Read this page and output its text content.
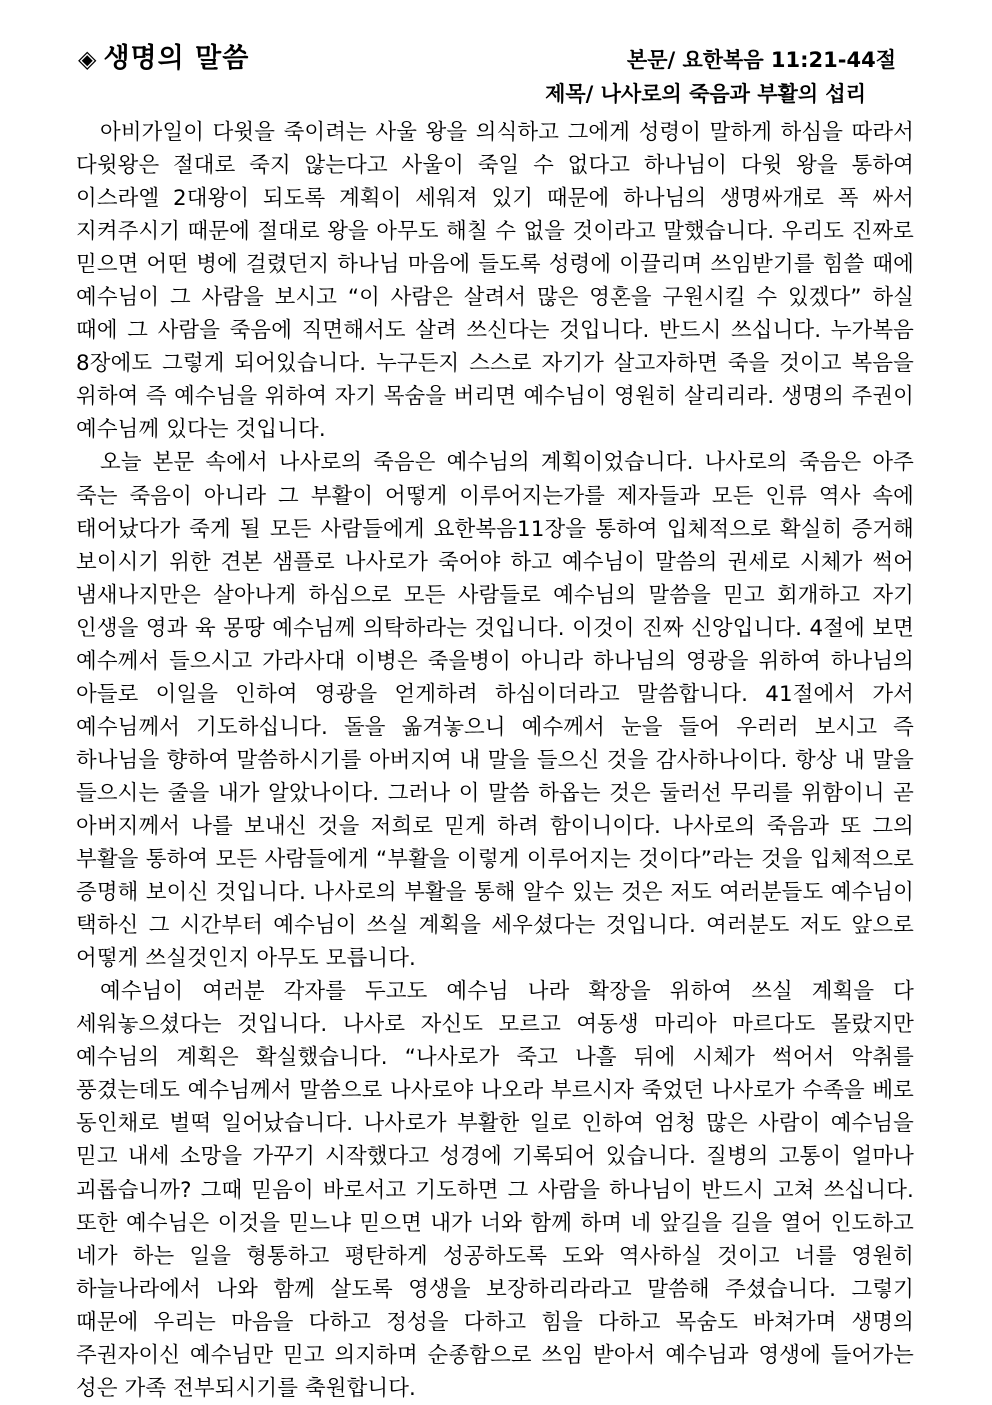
◈ 생명의 말씀	본문/ 요한복음 11:21-44절
제목/ 나사로의 죽음과 부활의 섭리

아비가일이 다윗을 죽이려는 사울 왕을 의식하고 그에게 성령이 말하게 하심을 따라서 다윗왕은 절대로 죽지 않는다고 사울이 죽일 수 없다고 하나님이 다윗 왕을 통하여 이스라엘 2대왕이 되도록 계획이 세워져 있기 때문에 하나님의 생명싸개로 폭 싸서 지켜주시기 때문에 절대로 왕을 아무도 해칠 수 없을 것이라고 말했습니다. 우리도 진짜로 믿으면 어떤 병에 걸렸던지 하나님 마음에 들도록 성령에 이끌리며 쓰임받기를 힘쓸 때에 예수님이 그 사람을 보시고 “이 사람은 살려서 많은 영혼을 구원시킬 수 있겠다” 하실 때에 그 사람을 죽음에 직면해서도 살려 쓰신다는 것입니다. 반드시 쓰십니다. 누가복음 8장에도 그렇게 되어있습니다. 누구든지 스스로 자기가 살고자하면 죽을 것이고 복음을 위하여 즉 예수님을 위하여 자기 목숨을 버리면 예수님이 영원히 살리리라. 생명의 주권이 예수님께 있다는 것입니다.

오늘 본문 속에서 나사로의 죽음은 예수님의 계획이었습니다. 나사로의 죽음은 아주 죽는 죽음이 아니라 그 부활이 어떻게 이루어지는가를 제자들과 모든 인류 역사 속에 태어났다가 죽게 될 모든 사람들에게 요한복음11장을 통하여 입체적으로 확실히 증거해 보이시기 위한 견본 샘플로 나사로가 죽어야 하고 예수님이 말씀의 권세로 시체가 썩어 냄새나지만은 살아나게 하심으로 모든 사람들로 예수님의 말씀을 믿고 회개하고 자기 인생을 영과 육 몽땅 예수님께 의탁하라는 것입니다. 이것이 진짜 신앙입니다. 4절에 보면 예수께서 들으시고 가라사대 이병은 죽을병이 아니라 하나님의 영광을 위하여 하나님의 아들로 이일을 인하여 영광을 얻게하려 하심이더라고 말씀합니다. 41절에서 가서 예수님께서 기도하십니다. 돌을 옮겨놓으니 예수께서 눈을 들어 우러러 보시고 즉 하나님을 향하여 말씀하시기를 아버지여 내 말을 들으신 것을 감사하나이다. 항상 내 말을 들으시는 줄을 내가 알았나이다. 그러나 이 말씀 하옵는 것은 둘러선 무리를 위함이니 곧 아버지께서 나를 보내신 것을 저희로 믿게 하려 함이니이다. 나사로의 죽음과 또 그의 부활을 통하여 모든 사람들에게 “부활을 이렇게 이루어지는 것이다”라는 것을 입체적으로 증명해 보이신 것입니다. 나사로의 부활을 통해 알수 있는 것은 저도 여러분들도 예수님이 택하신 그 시간부터 예수님이 쓰실 계획을 세우셨다는 것입니다. 여러분도 저도 앞으로 어떻게 쓰실것인지 아무도 모릅니다.

예수님이 여러분 각자를 두고도 예수님 나라 확장을 위하여 쓰실 계획을 다 세워놓으셨다는 것입니다. 나사로 자신도 모르고 여동생 마리아 마르다도 몰랐지만 예수님의 계획은 확실했습니다. “나사로가 죽고 나흘 뒤에 시체가 썩어서 악취를 풍겼는데도 예수님께서 말씀으로 나사로야 나오라 부르시자 죽었던 나사로가 수족을 베로 동인채로 벌떡 일어났습니다. 나사로가 부활한 일로 인하여 엄청 많은 사람이 예수님을 믿고 내세 소망을 가꾸기 시작했다고 성경에 기록되어 있습니다. 질병의 고통이 얼마나 괴롭습니까? 그때 믿음이 바로서고 기도하면 그 사람을 하나님이 반드시 고쳐 쓰십니다. 또한 예수님은 이것을 믿느냐 믿으면 내가 너와 함께 하며 네 앞길을 길을 열어 인도하고 네가 하는 일을 형통하고 평탄하게 성공하도록 도와 역사하실 것이고 너를 영원히 하늘나라에서 나와 함께 살도록 영생을 보장하리라라고 말씀해 주셨습니다. 그렇기 때문에 우리는 마음을 다하고 정성을 다하고 힘을 다하고 목숨도 바쳐가며 생명의 주권자이신 예수님만 믿고 의지하며 순종함으로 쓰임 받아서 예수님과 영생에 들어가는 성은 가족 전부되시기를 축원합니다.
